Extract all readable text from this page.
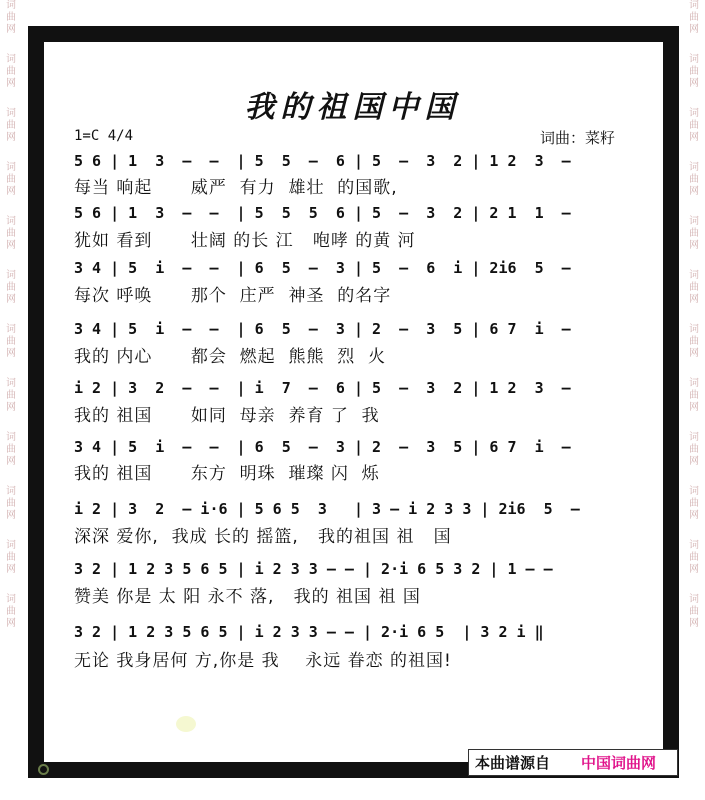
词 曲 网
词 曲 网
词 曲 网
词 曲 网
词 曲 网
词 曲 网
词 曲 网
词 曲 网
词 曲 网
词 曲 网
词 曲 网
词 曲 网
词 曲 网
词 曲 网
词 曲 网
词 曲 网
词 曲 网
词 曲 网
词 曲 网
词 曲 网
词 曲 网
词 曲 网
词 曲 网
词 曲 网
我的祖国中国
1=C 4/4	词曲：菜籽
5 6 | 1  3  –  –  | 5  5  –  6 | 5  –  3  2 | 1 2  3  –
每当 响起      威严  有力  雄壮  的国歌,
5 6 | 1  3  –  –  | 5  5  5  6 | 5  –  3  2 | 2 1  1  –
犹如 看到      壮阔 的长 江   咆哮 的黄 河
3 4 | 5  i  –  –  | 6  5  –  3 | 5  –  6  i | 2i6  5  –
每次 呼唤      那个  庄严  神圣  的名字
3 4 | 5  i  –  –  | 6  5  –  3 | 2  –  3  5 | 6 7  i  –
我的 内心      都会  燃起  熊熊  烈  火
i 2 | 3  2  –  –  | i  7  –  6 | 5  –  3  2 | 1 2  3  –
我的 祖国      如同  母亲  养育 了  我
3 4 | 5  i  –  –  | 6  5  –  3 | 2  –  3  5 | 6 7  i  –
我的 祖国      东方  明珠  璀璨 闪  烁
i 2 | 3  2  – i·6 | 5 6 5  3   | 3 – i 2 3 3 | 2i6  5  –
深深 爱你,  我成 长的 摇篮,   我的祖国 祖   国
3 2 | 1 2 3 5 6 5 | i 2 3 3 – – | 2·i 6 5 3 2 | 1 – –
赞美 你是 太 阳 永不 落,   我的 祖国 祖 国
3 2 | 1 2 3 5 6 5 | i 2 3 3 – – | 2·i 6 5  | 3 2 i ‖
无论 我身居何 方,你是 我    永远 眷恋 的祖国!
本曲谱源自 中国词曲网
